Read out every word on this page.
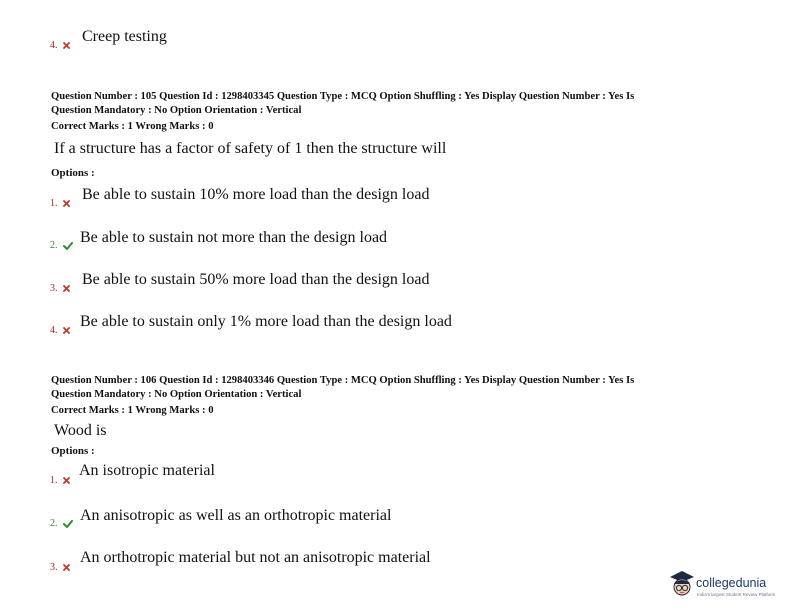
4.
Creep testing
Question Number : 105 Question Id : 1298403345 Question Type : MCQ Option Shuffling : Yes Display Question Number : Yes Is
Question Mandatory : No Option Orientation : Vertical
Correct Marks : 1 Wrong Marks : 0
If a structure has a factor of safety of 1 then the structure will
Options :
1.
Be able to sustain 10% more load than the design load
2.	Be able to sustain not more than the design load
3.
Be able to sustain 50% more load than the design load
4.
Be able to sustain only 1% more load than the design load
Question Number : 106 Question Id : 1298403346 Question Type : MCQ Option Shuffling : Yes Display Question Number : Yes Is
Question Mandatory : No Option Orientation : Vertical
Correct Marks : 1 Wrong Marks : 0
Wood is
Options :
1.
An isotropic material
2.	An anisotropic as well as an orthotropic material
3.
An orthotropic material but not an anisotropic material
collegedunia
India's largest Student Review Platform
